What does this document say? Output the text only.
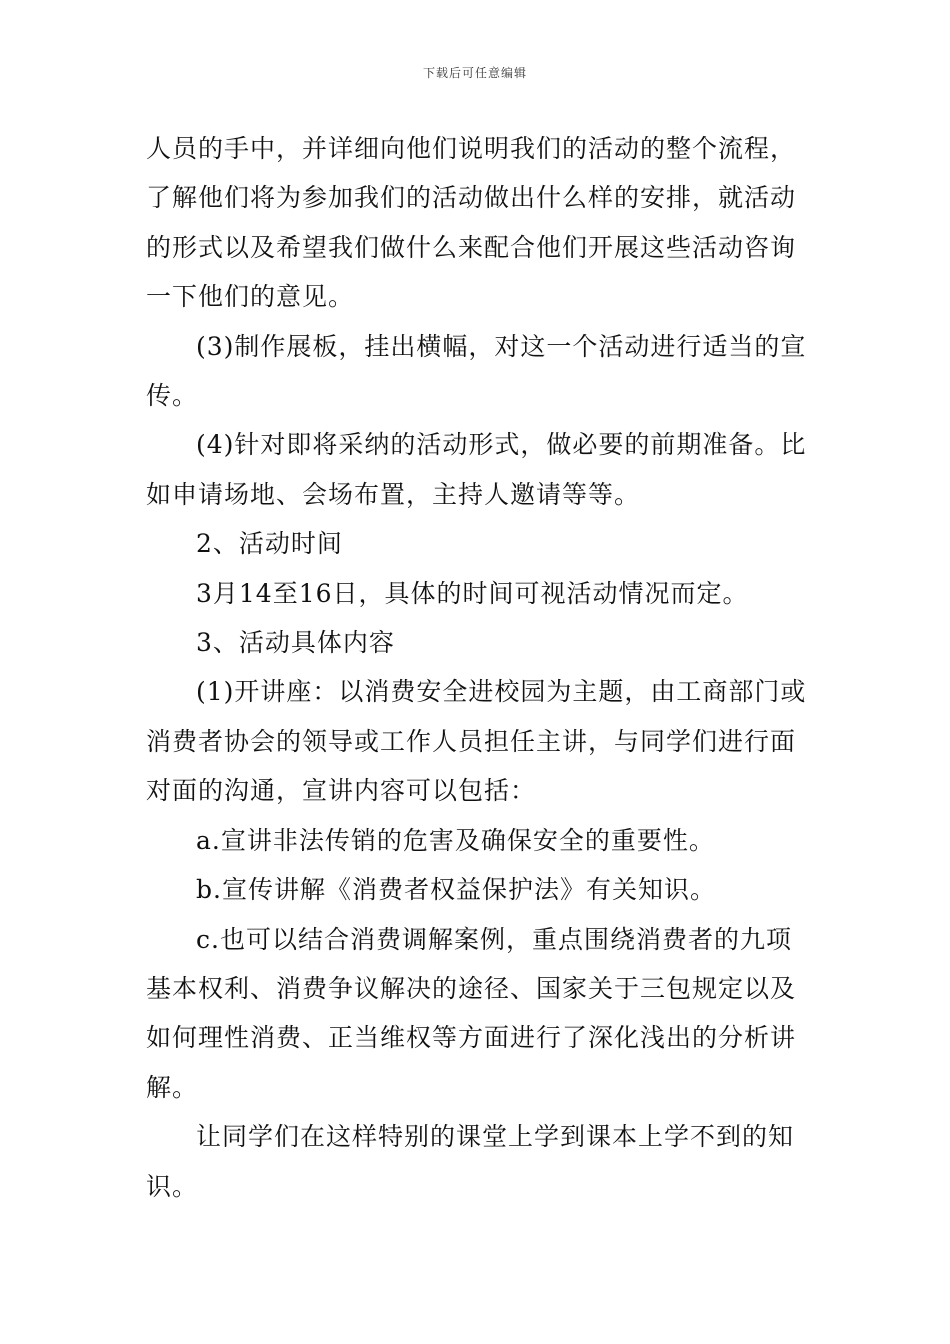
下载后可任意编辑
人员的手中，并详细向他们说明我们的活动的整个流程，
了解他们将为参加我们的活动做出什么样的安排，就活动
的形式以及希望我们做什么来配合他们开展这些活动咨询
一下他们的意见。
(3)制作展板，挂出横幅，对这一个活动进行适当的宣
传。
(4)针对即将采纳的活动形式，做必要的前期准备。比
如申请场地、会场布置，主持人邀请等等。
2、活动时间
3月14至16日，具体的时间可视活动情况而定。
3、活动具体内容
(1)开讲座：以消费安全进校园为主题，由工商部门或
消费者协会的领导或工作人员担任主讲，与同学们进行面
对面的沟通，宣讲内容可以包括：
a.宣讲非法传销的危害及确保安全的重要性。
b.宣传讲解《消费者权益保护法》有关知识。
c.也可以结合消费调解案例，重点围绕消费者的九项
基本权利、消费争议解决的途径、国家关于三包规定以及
如何理性消费、正当维权等方面进行了深化浅出的分析讲
解。
让同学们在这样特别的课堂上学到课本上学不到的知
识。
